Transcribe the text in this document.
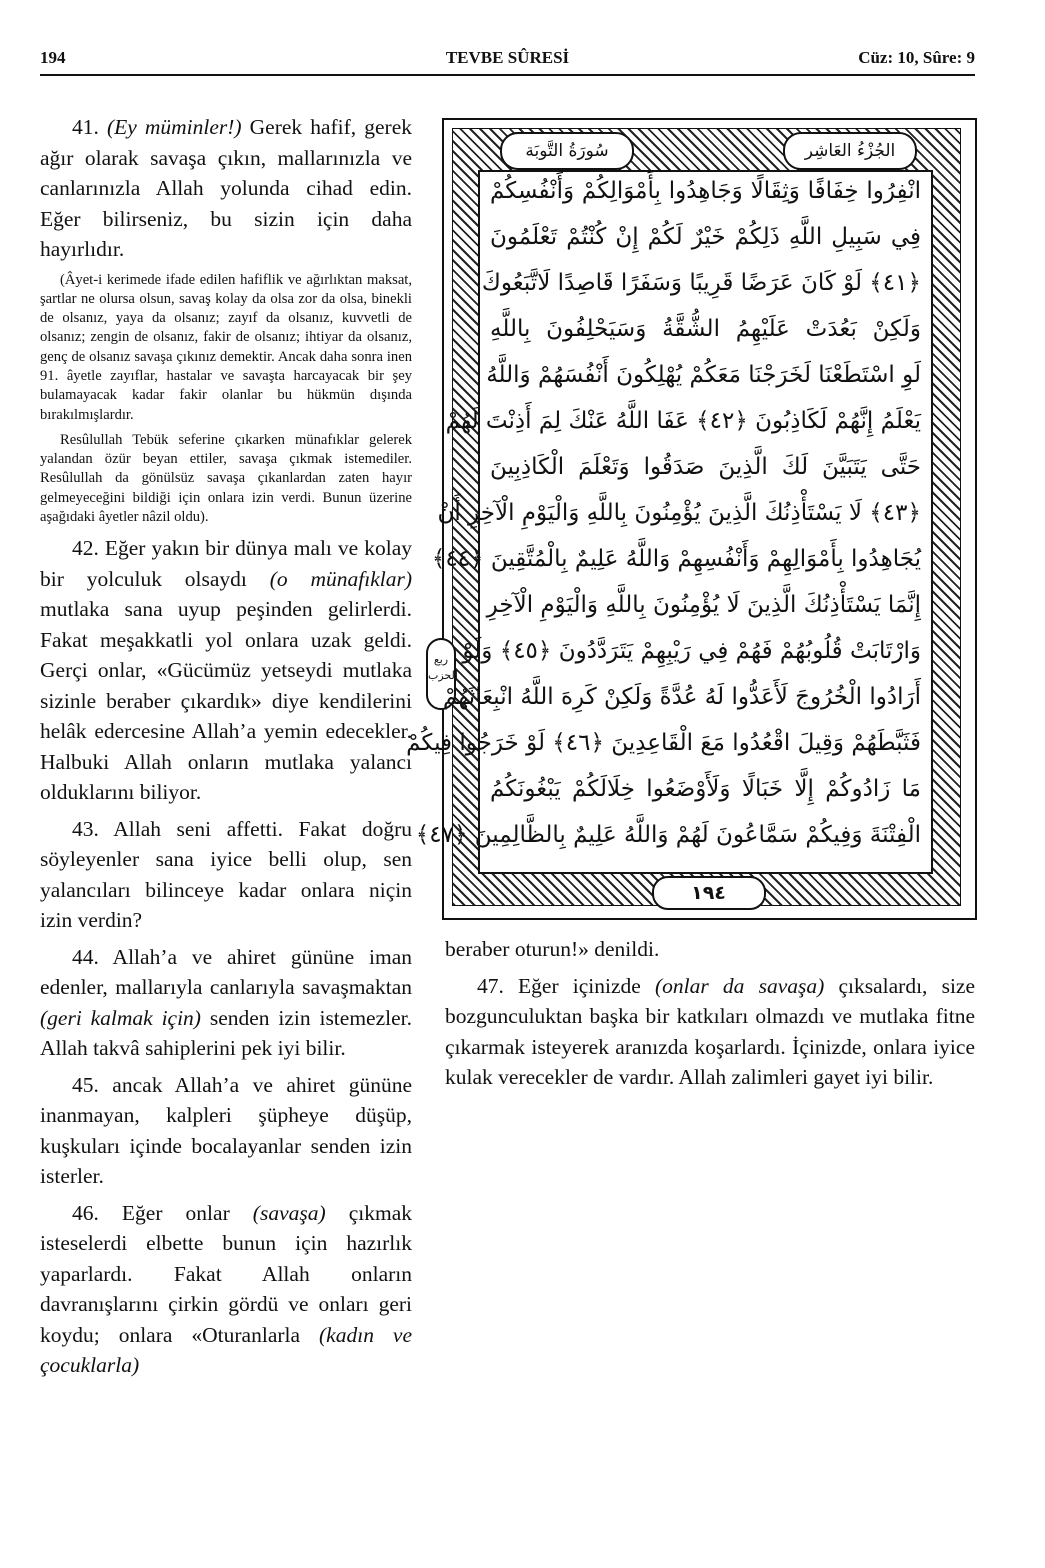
194	TEVBE SÛRESİ	Cüz: 10, Sûre: 9

41. (Ey müminler!) Gerek hafif, gerek ağır olarak savaşa çıkın, mallarınızla ve canlarınızla Allah yolunda cihad edin. Eğer bilirseniz, bu sizin için daha hayırlıdır.

(Âyet-i kerimede ifade edilen hafiflik ve ağırlıktan maksat, şartlar ne olursa olsun, savaş kolay da olsa zor da olsa, binekli de olsanız, yaya da olsanız; zayıf da olsanız, kuvvetli de olsanız; zengin de olsanız, fakir de olsanız; ihtiyar da olsanız, genç de olsanız savaşa çıkınız demektir. Ancak daha sonra inen 91. âyetle zayıflar, hastalar ve savaşta harcayacak bir şey bulamayacak kadar fakir olanlar bu hükmün dışında bırakılmışlardır.

Resûlullah Tebük seferine çıkarken münafıklar gelerek yalandan özür beyan ettiler, savaşa çıkmak istemediler. Resûlullah da gönülsüz savaşa çıkanlardan zaten hayır gelmeyeceğini bildiği için onlara izin verdi. Bunun üzerine aşağıdaki âyetler nâzil oldu).

42. Eğer yakın bir dünya malı ve kolay bir yolculuk olsaydı (o münafıklar) mutlaka sana uyup peşinden gelirlerdi. Fakat meşakkatli yol onlara uzak geldi. Gerçi onlar, «Gücümüz yetseydi mutlaka sizinle beraber çıkardık» diye kendilerini helâk edercesine Allah’a yemin edecekler. Halbuki Allah onların mutlaka yalancı olduklarını biliyor.

43. Allah seni affetti. Fakat doğru söyleyenler sana iyice belli olup, sen yalancıları bilinceye kadar onlara niçin izin verdin?

44. Allah’a ve ahiret gününe iman edenler, mallarıyla canlarıyla savaşmaktan (geri kalmak için) senden izin istemezler. Allah takvâ sahiplerini pek iyi bilir.

45. ancak Allah’a ve ahiret gününe inanmayan, kalpleri şüpheye düşüp, kuşkuları içinde bocalayanlar senden izin isterler.

46. Eğer onlar (savaşa) çıkmak isteselerdi elbette bunun için hazırlık yaparlardı. Fakat Allah onların davranışlarını çirkin gördü ve onları geri koydu; onlara «Oturanlarla (kadın ve çocuklarla)

سُورَةُ التَّوبَة	الجُزْءُ العَاشِر
ربع الحزب
انْفِرُوا خِفَافًا وَثِقَالًا وَجَاهِدُوا بِأَمْوَالِكُمْ وَأَنْفُسِكُمْ
فِي سَبِيلِ اللَّهِ ذَلِكُمْ خَيْرٌ لَكُمْ إِنْ كُنْتُمْ تَعْلَمُونَ
﴿٤١﴾ لَوْ كَانَ عَرَضًا قَرِيبًا وَسَفَرًا قَاصِدًا لَاتَّبَعُوكَ
وَلَكِنْ بَعُدَتْ عَلَيْهِمُ الشُّقَّةُ وَسَيَحْلِفُونَ بِاللَّهِ
لَوِ اسْتَطَعْنَا لَخَرَجْنَا مَعَكُمْ يُهْلِكُونَ أَنْفُسَهُمْ وَاللَّهُ
يَعْلَمُ إِنَّهُمْ لَكَاذِبُونَ ﴿٤٢﴾ عَفَا اللَّهُ عَنْكَ لِمَ أَذِنْتَ لَهُمْ
حَتَّى يَتَبَيَّنَ لَكَ الَّذِينَ صَدَقُوا وَتَعْلَمَ الْكَاذِبِينَ
﴿٤٣﴾ لَا يَسْتَأْذِنُكَ الَّذِينَ يُؤْمِنُونَ بِاللَّهِ وَالْيَوْمِ الْآخِرِ أَنْ
يُجَاهِدُوا بِأَمْوَالِهِمْ وَأَنْفُسِهِمْ وَاللَّهُ عَلِيمٌ بِالْمُتَّقِينَ ﴿٤٤﴾
إِنَّمَا يَسْتَأْذِنُكَ الَّذِينَ لَا يُؤْمِنُونَ بِاللَّهِ وَالْيَوْمِ الْآخِرِ
وَارْتَابَتْ قُلُوبُهُمْ فَهُمْ فِي رَيْبِهِمْ يَتَرَدَّدُونَ ﴿٤٥﴾ وَلَوْ
أَرَادُوا الْخُرُوجَ لَأَعَدُّوا لَهُ عُدَّةً وَلَكِنْ كَرِهَ اللَّهُ انْبِعَاثَهُمْ
فَثَبَّطَهُمْ وَقِيلَ اقْعُدُوا مَعَ الْقَاعِدِينَ ﴿٤٦﴾ لَوْ خَرَجُوا فِيكُمْ
مَا زَادُوكُمْ إِلَّا خَبَالًا وَلَأَوْضَعُوا خِلَالَكُمْ يَبْغُونَكُمُ
الْفِتْنَةَ وَفِيكُمْ سَمَّاعُونَ لَهُمْ وَاللَّهُ عَلِيمٌ بِالظَّالِمِينَ ﴿٤٧﴾
١٩٤

beraber oturun!» denildi.

47. Eğer içinizde (onlar da savaşa) çıksalardı, size bozgunculuktan başka bir katkıları olmazdı ve mutlaka fitne çıkarmak isteyerek aranızda koşarlardı. İçinizde, onlara iyice kulak verecekler de vardır. Allah zalimleri gayet iyi bilir.
